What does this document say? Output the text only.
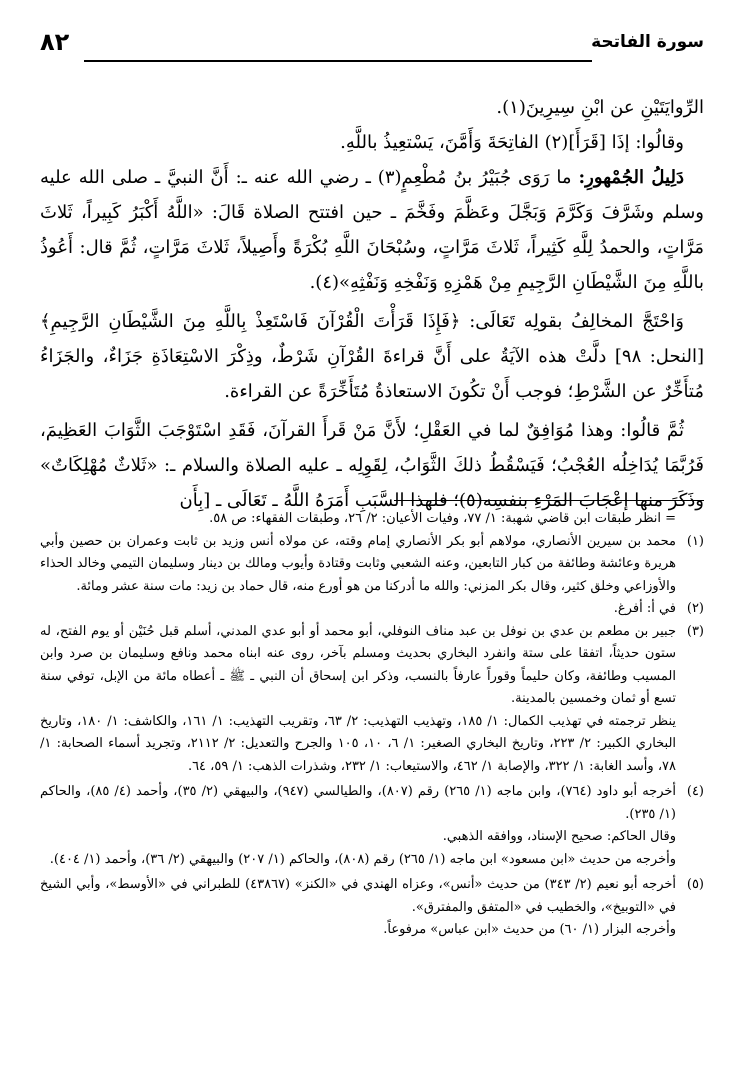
سورة الفاتحة
٨٢

الرِّوايَتَيْنِ عن ابْنِ سِيرِينَ(١).

وقالُوا: إذَا [قَرَأَ](٢) الفاتِحَةَ وَأَمَّنَ، يَسْتعِيذُ باللَّهِ.

دَلِيلُ الجُمْهورِ: ما رَوَى جُبَيْرُ بنُ مُطْعِمٍ(٣) ـ رضي الله عنه ـ: أَنَّ النبيَّ ـ صلى الله عليه وسلم وشَرَّفَ وَكَرَّمَ وَبَجَّلَ وعَظَّمَ وفَخَّمَ ـ حين افتتح الصلاة قَالَ: «اللَّهُ أَكْبَرُ كَبِيراً، ثَلاثَ مَرَّاتٍ، والحمدُ لِلَّهِ كَثِيراً، ثَلاثَ مَرَّاتٍ، وسُبْحَانَ اللَّهِ بُكْرَةً وأَصِيلاً، ثَلاثَ مَرَّاتٍ، ثُمَّ قال: أَعُوذُ باللَّهِ مِنَ الشَّيْطَانِ الرَّجِيمِ مِنْ هَمْزِهِ وَنَفْخِهِ وَنَفْثِهِ»(٤).

وَاحْتَجَّ المخالِفُ بقولِه تَعَالَى: ﴿فَإِذَا قَرَأْتَ الْقُرْآنَ فَاسْتَعِذْ بِاللَّهِ مِنَ الشَّيْطَانِ الرَّجِيمِ﴾ [النحل: ٩٨] دلَّتْ هذه الآيَةُ على أَنَّ قراءةَ القُرْآنِ شَرْطٌ، وذِكْرَ الاسْتِعَاذَةِ جَزَاءٌ، والجَزَاءُ مُتأَخِّرٌ عن الشَّرْطِ؛ فوجب أَنْ تكُونَ الاستعاذةُ مُتَأَخِّرَةً عن القراءة.

ثُمَّ قالُوا: وهذا مُوَافِقٌ لما في العَقْلِ؛ لأَنَّ مَنْ قَرأَ القرآنَ، فَقَدِ اسْتَوْجَبَ الثَّوَابَ العَظِيمَ، فَرُبَّمَا يُدَاخِلُه العُجْبُ؛ فَيَسْقُطُ ذلكَ الثَّوَابُ، لِقَوِلِه ـ عليه الصلاة والسلام ـ: «ثَلاثٌ مُهْلِكَاتٌ» وذَكَرَ منها إعْجَابَ المَرْءِ بنفسِه(٥)؛ فلهذا السَّبَبِ أَمَرَهُ اللَّهُ ـ تَعَالَى ـ [بِأَن

= انظر طبقات ابن قاضي شهبة: ١/ ٧٧، وفيات الأعيان: ٢/ ٢٦، وطبقات الفقهاء: ص ٥٨.
(١)
محمد بن سيرين الأنصاري، مولاهم أبو بكر الأنصاري إمام وقته، عن مولاه أنس وزيد بن ثابت وعمران بن حصين وأبي هريرة وعائشة وطائفة من كبار التابعين، وعنه الشعبي وثابت وقتادة وأيوب ومالك بن دينار وسليمان التيمي وخالد الحذاء والأوزاعي وخلق كثير، وقال بكر المزني: والله ما أدركنا من هو أورع منه، قال حماد بن زيد: مات سنة عشر ومائة.
(٢)
في أ: أفرغ.
(٣)
جبير بن مطعم بن عدي بن نوفل بن عبد مناف النوفلي، أبو محمد أو أبو عدي المدني، أسلم قبل حُنَيْن أو يوم الفتح، له ستون حديثاً، اتفقا على ستة وانفرد البخاري بحديث ومسلم بآخر، روى عنه ابناه محمد ونافع وسليمان بن صرد وابن المسيب وطائفة، وكان حليماً وقوراً عارفاً بالنسب، وذكر ابن إسحاق أن النبي ـ ﷺ ـ أعطاه مائة من الإبل، توفي سنة تسع أو ثمان وخمسين بالمدينة.
ينظر ترجمته في تهذيب الكمال: ١/ ١٨٥، وتهذيب التهذيب: ٢/ ٦٣، وتقريب التهذيب: ١/ ١٦١، والكاشف: ١/ ١٨٠، وتاريخ البخاري الكبير: ٢/ ٢٢٣، وتاريخ البخاري الصغير: ١/ ٦، ١٠، ١٠٥ والجرح والتعديل: ٢/ ٢١١٢، وتجريد أسماء الصحابة: ١/ ٧٨، وأسد الغابة: ١/ ٣٢٢، والإصابة ١/ ٤٦٢، والاستيعاب: ١/ ٢٣٢، وشذرات الذهب: ١/ ٥٩، ٦٤.
(٤)
أخرجه أبو داود (٧٦٤)، وابن ماجه (١/ ٢٦٥) رقم (٨٠٧)، والطيالسي (٩٤٧)، والبيهقي (٢/ ٣٥)، وأحمد (٤/ ٨٥)، والحاكم (١/ ٢٣٥).
وقال الحاكم: صحيح الإسناد، ووافقه الذهبي.
وأخرجه من حديث «ابن مسعود» ابن ماجه (١/ ٢٦٥) رقم (٨٠٨)، والحاكم (١/ ٢٠٧) والبيهقي (٢/ ٣٦)، وأحمد (١/ ٤٠٤).
(٥)
أخرجه أبو نعيم (٢/ ٣٤٣) من حديث «أنس»، وعزاه الهندي في «الكنز» (٤٣٨٦٧) للطبراني في «الأوسط»، وأبي الشيخ في «التوبيخ»، والخطيب في «المتفق والمفترق».
وأخرجه البزار (١/ ٦٠) من حديث «ابن عباس» مرفوعاً.
